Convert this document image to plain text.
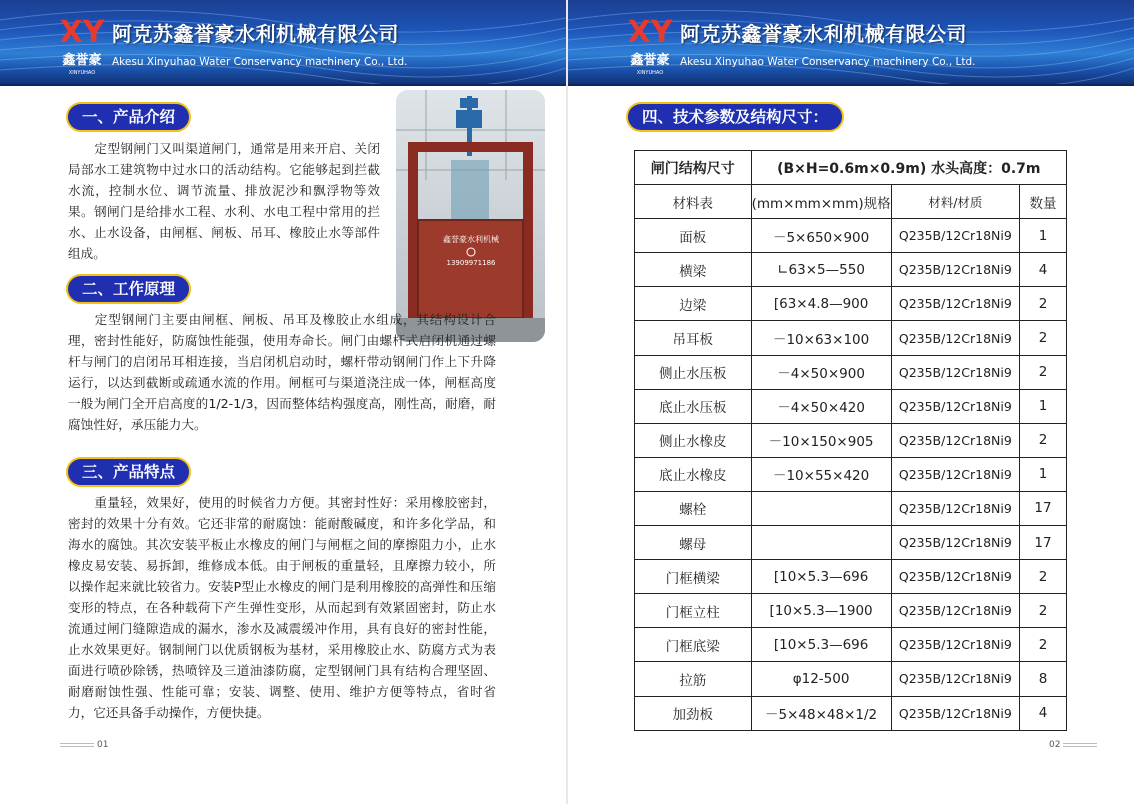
XY
鑫誉豪
XINYUHAO
阿克苏鑫誉豪水利机械有限公司
Akesu Xinyuhao Water Conservancy machinery Co., Ltd.
一、产品介绍
定型钢闸门又叫渠道闸门，通常是用来开启、关闭局部水工建筑物中过水口的活动结构。它能够起到拦截水流，控制水位、调节流量、排放泥沙和飘浮物等效果。钢闸门是给排水工程、水利、水电工程中常用的拦水、止水设备，由闸框、闸板、吊耳、橡胶止水等部件组成。
鑫誉豪水利机械
13909971186
二、工作原理
定型钢闸门主要由闸框、闸板、吊耳及橡胶止水组成，其结构设计合理，密封性能好，防腐蚀性能强，使用寿命长。闸门由螺杆式启闭机通过螺杆与闸门的启闭吊耳相连接，当启闭机启动时，螺杆带动钢闸门作上下升降运行，以达到截断或疏通水流的作用。闸框可与渠道浇注成一体，闸框高度一般为闸门全开启高度的1/2-1/3，因而整体结构强度高，刚性高，耐磨，耐腐蚀性好，承压能力大。
三、产品特点
重量轻，效果好，使用的时候省力方便。其密封性好：采用橡胶密封，密封的效果十分有效。它还非常的耐腐蚀：能耐酸碱度，和许多化学品，和海水的腐蚀。其次安装平板止水橡皮的闸门与闸框之间的摩擦阻力小，止水橡皮易安装、易拆卸，维修成本低。由于闸板的重量轻，且摩擦力较小，所以操作起来就比较省力。安装P型止水橡皮的闸门是利用橡胶的高弹性和压缩变形的特点，在各种载荷下产生弹性变形，从而起到有效紧固密封，防止水流通过闸门缝隙造成的漏水，渗水及减震缓冲作用，具有良好的密封性能，止水效果更好。钢制闸门以优质钢板为基材，采用橡胶止水、防腐方式为表面进行喷砂除锈，热喷锌及三道油漆防腐，定型钢闸门具有结构合理坚固、耐磨耐蚀性强、性能可靠；安装、调整、使用、维护方便等特点，省时省力，它还具备手动操作，方便快捷。
01
XY
鑫誉豪
XINYUHAO
阿克苏鑫誉豪水利机械有限公司
Akesu Xinyuhao Water Conservancy machinery Co., Ltd.
四、技术参数及结构尺寸：
闸门结构尺寸	(B×H=0.6m×0.9m) 水头高度：0.7m		
材料表	(mm×mm×mm)规格	材料/材质	数量
面板	－5×650×900	Q235B/12Cr18Ni9	1
横梁	∟63×5—550	Q235B/12Cr18Ni9	4
边梁	[63×4.8—900	Q235B/12Cr18Ni9	2
吊耳板	－10×63×100	Q235B/12Cr18Ni9	2
侧止水压板	－4×50×900	Q235B/12Cr18Ni9	2
底止水压板	－4×50×420	Q235B/12Cr18Ni9	1
侧止水橡皮	－10×150×905	Q235B/12Cr18Ni9	2
底止水橡皮	－10×55×420	Q235B/12Cr18Ni9	1
螺栓		Q235B/12Cr18Ni9	17
螺母		Q235B/12Cr18Ni9	17
门框横梁	[10×5.3—696	Q235B/12Cr18Ni9	2
门框立柱	[10×5.3—1900	Q235B/12Cr18Ni9	2
门框底梁	[10×5.3—696	Q235B/12Cr18Ni9	2
拉筋	φ12-500	Q235B/12Cr18Ni9	8
加劲板	－5×48×48×1/2	Q235B/12Cr18Ni9	4
02
